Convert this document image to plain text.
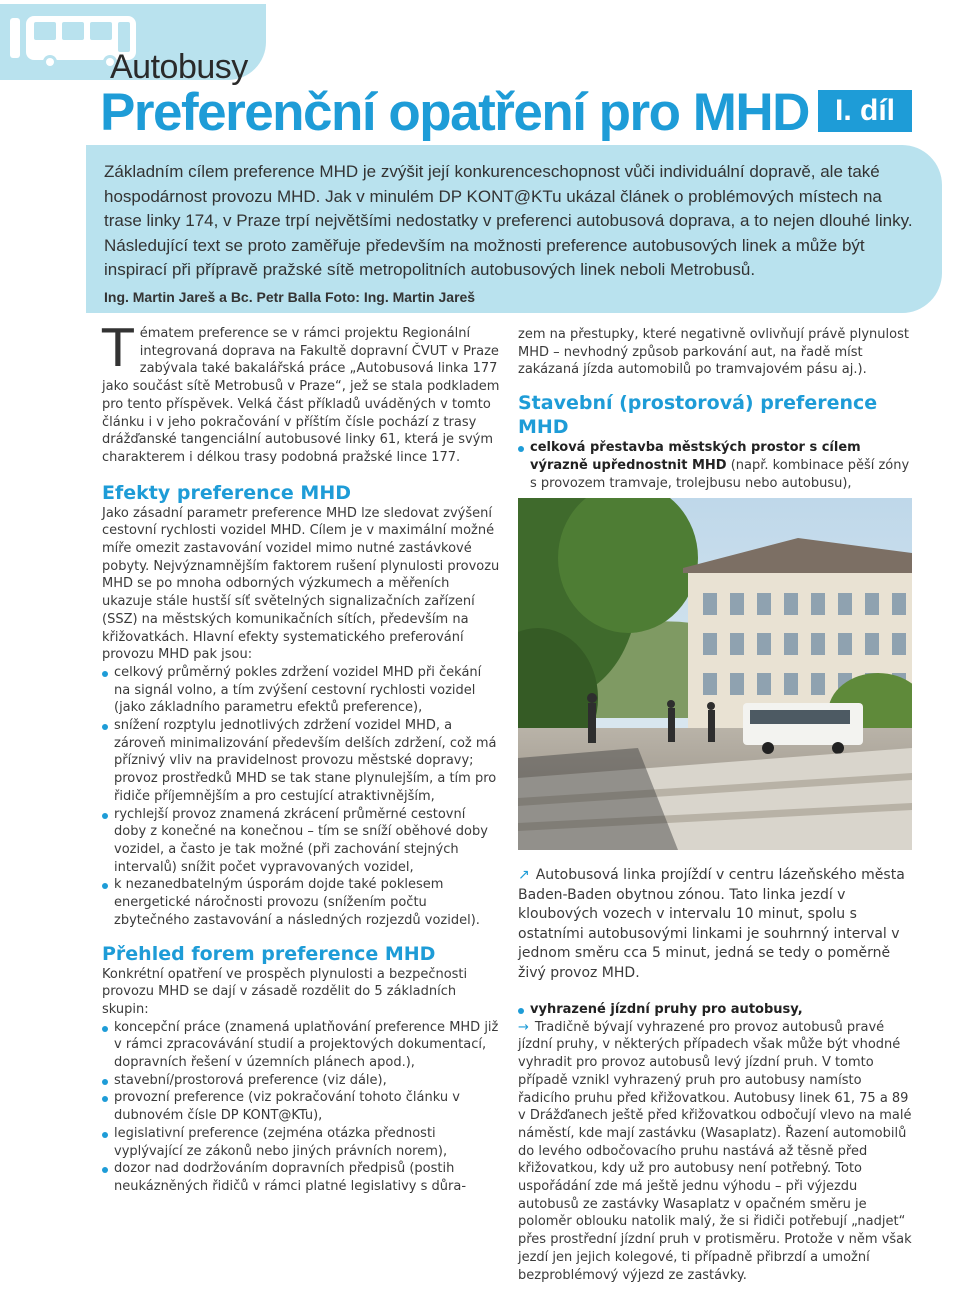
Autobusy
Preferenční opatření pro MHD I. díl

Základním cílem preference MHD je zvýšit její konkurenceschopnost vůči individuální dopravě, ale také hospodárnost provozu MHD. Jak v minulém DP KONT@KTu ukázal článek o problémových místech na trase linky 174, v Praze trpí největšími nedostatky v preferenci autobusová doprava, a to nejen dlouhé linky. Následující text se proto zaměřuje především na možnosti preference autobusových linek a může být inspirací při přípravě pražské sítě metropolitních autobusových linek neboli Metrobusů.

Ing. Martin Jareš a Bc. Petr Balla Foto: Ing. Martin Jareš

Tématem preference se v rámci projektu Regionální integrovaná doprava na Fakultě dopravní ČVUT v Praze zabývala také bakalářská práce „Autobusová linka 177 jako součást sítě Metrobusů v Praze“, jež se stala podkladem pro tento příspěvek. Velká část příkladů uváděných v tomto článku i v jeho pokračování v příštím čísle pochází z trasy drážďanské tangenciální autobusové linky 61, která je svým charakterem i délkou trasy podobná pražské lince 177.

Efekty preference MHD

Jako zásadní parametr preference MHD lze sledovat zvýšení cestovní rychlosti vozidel MHD. Cílem je v maximální možné míře omezit zastavování vozidel mimo nutné zastávkové pobyty. Nejvýznamnějším faktorem rušení plynulosti provozu MHD se po mnoha odborných výzkumech a měřeních ukazuje stále hustší síť světelných signalizačních zařízení (SSZ) na městských komunikačních sítích, především na křižovatkách. Hlavní efekty systematického preferování provozu MHD pak jsou:

celkový průměrný pokles zdržení vozidel MHD při čekání na signál volno, a tím zvýšení cestovní rychlosti vozidel (jako základního parametru efektů preference),
snížení rozptylu jednotlivých zdržení vozidel MHD, a zároveň minimalizování především delších zdržení, což má příznivý vliv na pravidelnost provozu městské dopravy; provoz prostředků MHD se tak stane plynulejším, a tím pro řidiče příjemnějším a pro cestující atraktivnějším,
rychlejší provoz znamená zkrácení průměrné cestovní doby z konečné na konečnou – tím se sníží oběhové doby vozidel, a často je tak možné (při zachování stejných intervalů) snížit počet vypravovaných vozidel,
k nezanedbatelným úsporám dojde také poklesem energetické náročnosti provozu (snížením počtu zbytečného zastavování a následných rozjezdů vozidel).
Přehled forem preference MHD

Konkrétní opatření ve prospěch plynulosti a bezpečnosti provozu MHD se dají v zásadě rozdělit do 5 základních skupin:

koncepční práce (znamená uplatňování preference MHD již v rámci zpracovávání studií a projektových dokumentací, dopravních řešení v územních plánech apod.),
stavební/prostorová preference (viz dále),
provozní preference (viz pokračování tohoto článku v dubnovém čísle DP KONT@KTu),
legislativní preference (zejména otázka přednosti vyplývající ze zákonů nebo jiných právních norem),
dozor nad dodržováním dopravních předpisů (postih neukázněných řidičů v rámci platné legislativy s důra-

zem na přestupky, které negativně ovlivňují právě plynulost MHD – nevhodný způsob parkování aut, na řadě míst zakázaná jízda automobilů po tramvajovém pásu aj.).

Stavební (prostorová) preference MHD
celková přestavba městských prostor s cílem výrazně upřednostnit MHD (např. kombinace pěší zóny s provozem tramvaje, trolejbusu nebo autobusu),

↗ Autobusová linka projíždí v centru lázeňského města Baden-Baden obytnou zónou. Tato linka jezdí v kloubových vozech v intervalu 10 minut, spolu s ostatními autobusovými linkami je souhrnný interval v jednom směru cca 5 minut, jedná se tedy o poměrně živý provoz MHD.

vyhrazené jízdní pruhy pro autobusy,

→ Tradičně bývají vyhrazené pro provoz autobusů pravé jízdní pruhy, v některých případech však může být vhodné vyhradit pro provoz autobusů levý jízdní pruh. V tomto případě vznikl vyhrazený pruh pro autobusy namísto řadicího pruhu před křižovatkou. Autobusy linek 61, 75 a 89 v Drážďanech ještě před křižovatkou odbočují vlevo na malé náměstí, kde mají zastávku (Wasaplatz). Řazení automobilů do levého odbočovacího pruhu nastává až těsně před křižovatkou, kdy už pro autobusy není potřebný. Toto uspořádání zde má ještě jednu výhodu – při výjezdu autobusů ze zastávky Wasaplatz v opačném směru je poloměr oblouku natolik malý, že si řidiči potřebují „nadjet“ přes prostřední jízdní pruh v protisměru. Protože v něm však jezdí jen jejich kolegové, ti případně přibrzdí a umožní bezproblémový výjezd ze zastávky.
